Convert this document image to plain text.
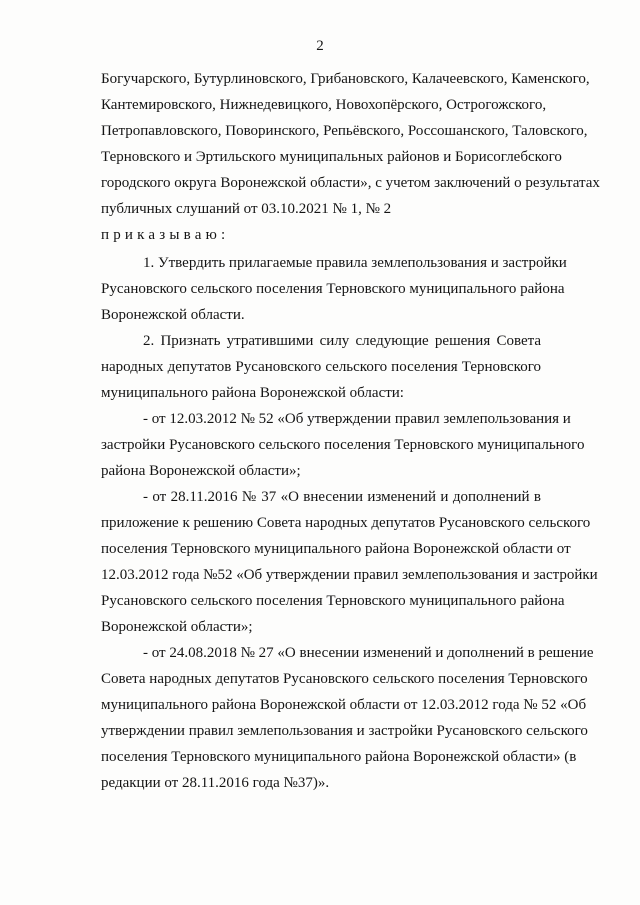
2
Богучарского, Бутурлиновского, Грибановского, Калачеевского, Каменского,
Кантемировского, Нижнедевицкого, Новохопёрского, Острогожского,
Петропавловского, Поворинского, Репьёвского, Россошанского, Таловского,
Терновского и Эртильского муниципальных районов и Борисоглебского
городского округа Воронежской области», с учетом заключений о результатах
публичных слушаний от 03.10.2021 № 1, № 2
приказываю:
1. Утвердить прилагаемые правила землепользования и застройки
Русановского сельского поселения Терновского муниципального района
Воронежской области.
2. Признать утратившими силу следующие решения Совета
народных депутатов Русановского сельского поселения Терновского
муниципального района Воронежской области:
- от 12.03.2012 № 52 «Об утверждении правил землепользования и
застройки Русановского сельского поселения Терновского муниципального
района Воронежской области»;
- от 28.11.2016 № 37 «О внесении изменений и дополнений в
приложение к решению Совета народных депутатов Русановского сельского
поселения Терновского муниципального района Воронежской области от
12.03.2012 года №52 «Об утверждении правил землепользования и застройки
Русановского сельского поселения Терновского муниципального района
Воронежской области»;
- от 24.08.2018 № 27 «О внесении изменений и дополнений в решение
Совета народных депутатов Русановского сельского поселения Терновского
муниципального района Воронежской области от 12.03.2012 года № 52 «Об
утверждении правил землепользования и застройки Русановского сельского
поселения Терновского муниципального района Воронежской области» (в
редакции от 28.11.2016 года №37)».
